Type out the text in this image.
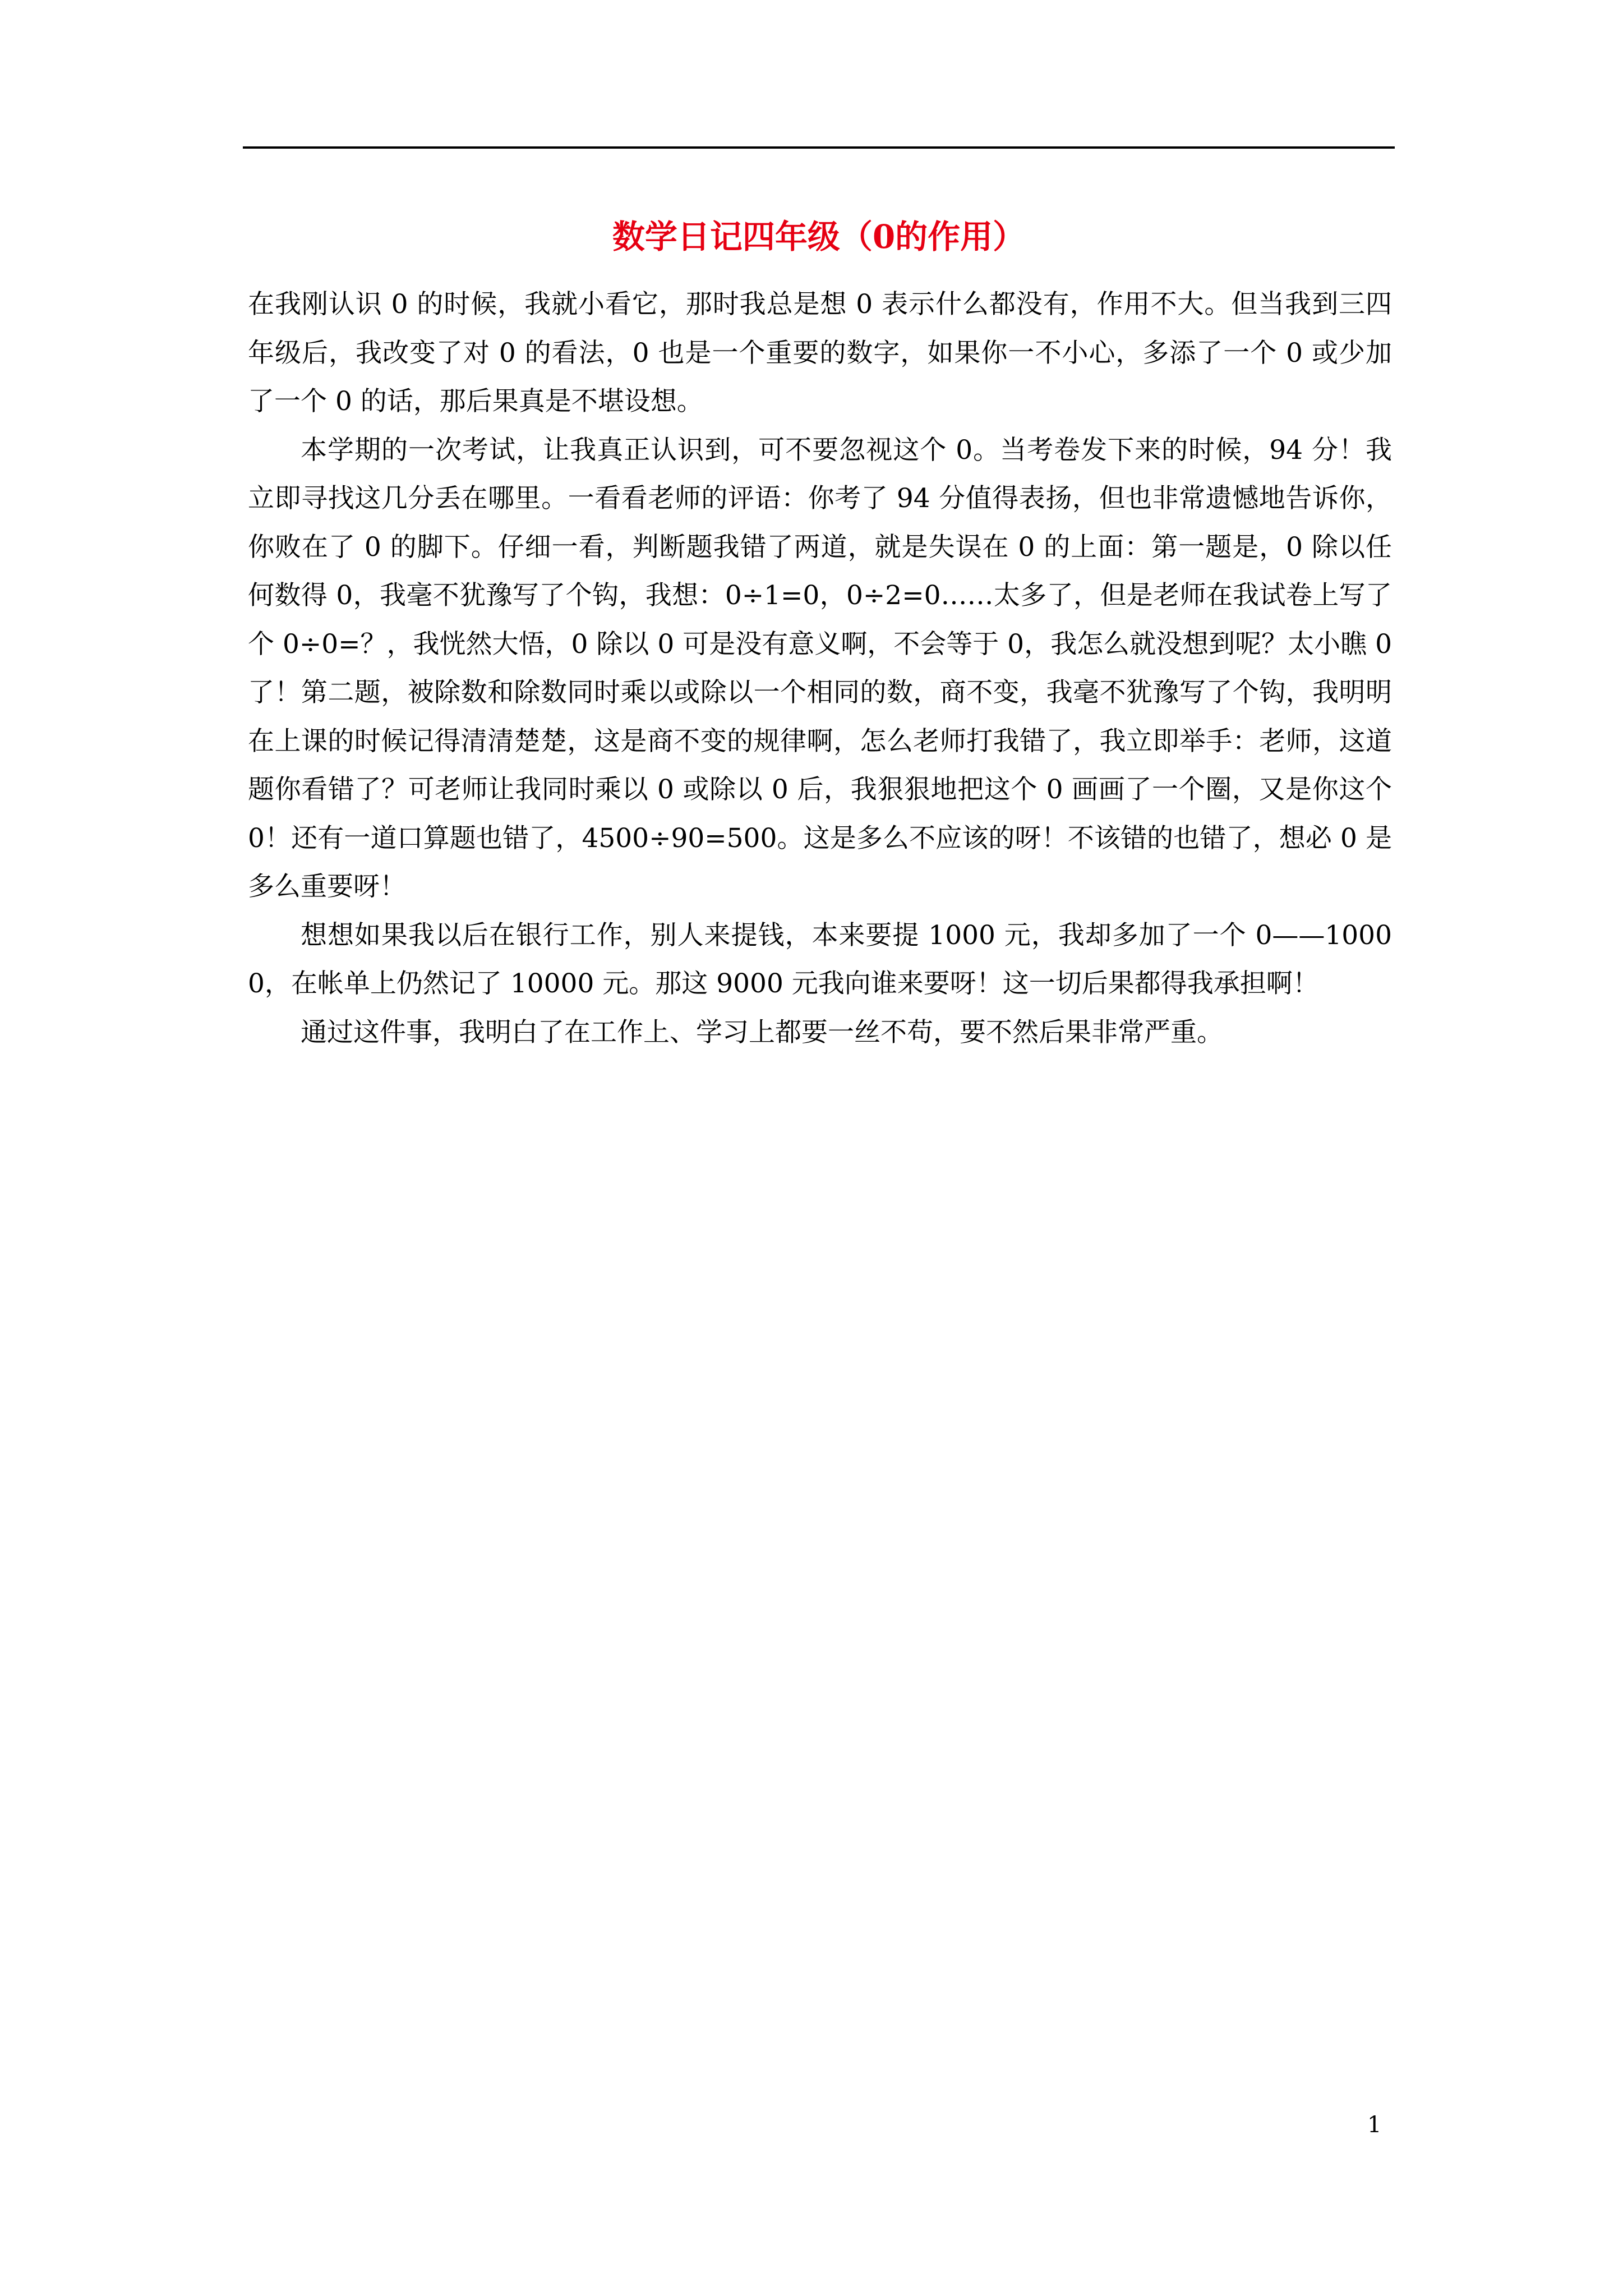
数学日记四年级（0的作用）

在我刚认识 0 的时候，我就小看它，那时我总是想 0 表示什么都没有，作用不大。但当我到三四年级后，我改变了对 0 的看法，0 也是一个重要的数字，如果你一不小心，多添了一个 0 或少加了一个 0 的话，那后果真是不堪设想。

本学期的一次考试，让我真正认识到，可不要忽视这个 0。当考卷发下来的时候，94 分！我立即寻找这几分丢在哪里。一看看老师的评语：你考了 94 分值得表扬，但也非常遗憾地告诉你，你败在了 0 的脚下。仔细一看，判断题我错了两道，就是失误在 0 的上面：第一题是，0 除以任何数得 0，我毫不犹豫写了个钩，我想：0÷1=0，0÷2=0……太多了，但是老师在我试卷上写了个 0÷0=？，我恍然大悟，0 除以 0 可是没有意义啊，不会等于 0，我怎么就没想到呢？太小瞧 0 了！第二题，被除数和除数同时乘以或除以一个相同的数，商不变，我毫不犹豫写了个钩，我明明在上课的时候记得清清楚楚，这是商不变的规律啊，怎么老师打我错了，我立即举手：老师，这道题你看错了？可老师让我同时乘以 0 或除以 0 后，我狠狠地把这个 0 画画了一个圈，又是你这个 0！还有一道口算题也错了，4500÷90=500。这是多么不应该的呀！不该错的也错了，想必 0 是多么重要呀！

想想如果我以后在银行工作，别人来提钱，本来要提 1000 元，我却多加了一个 0——10000，在帐单上仍然记了 10000 元。那这 9000 元我向谁来要呀！这一切后果都得我承担啊！

通过这件事，我明白了在工作上、学习上都要一丝不苟，要不然后果非常严重。

1
